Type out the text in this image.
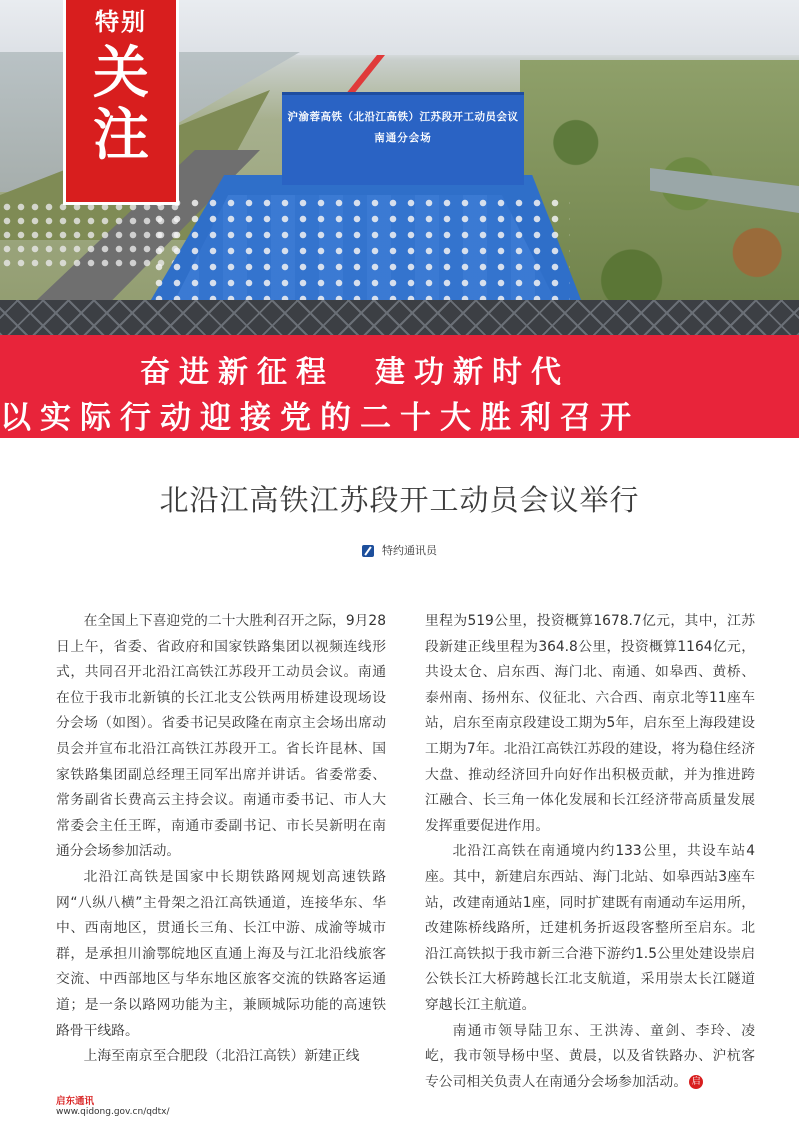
沪渝蓉高铁（北沿江高铁）江苏段开工动员会议
南通分会场
特别
关
注
奋进新征程 建功新时代
以实际行动迎接党的二十大胜利召开
北沿江高铁江苏段开工动员会议举行
特约通讯员

在全国上下喜迎党的二十大胜利召开之际，9月28日上午，省委、省政府和国家铁路集团以视频连线形式，共同召开北沿江高铁江苏段开工动员会议。南通在位于我市北新镇的长江北支公铁两用桥建设现场设分会场（如图）。省委书记吴政隆在南京主会场出席动员会并宣布北沿江高铁江苏段开工。省长许昆林、国家铁路集团副总经理王同军出席并讲话。省委常委、常务副省长费高云主持会议。南通市委书记、市人大常委会主任王晖，南通市委副书记、市长吴新明在南通分会场参加活动。

北沿江高铁是国家中长期铁路网规划高速铁路网“八纵八横”主骨架之沿江高铁通道，连接华东、华中、西南地区，贯通长三角、长江中游、成渝等城市群，是承担川渝鄂皖地区直通上海及与江北沿线旅客交流、中西部地区与华东地区旅客交流的铁路客运通道；是一条以路网功能为主，兼顾城际功能的高速铁路骨干线路。

上海至南京至合肥段（北沿江高铁）新建正线

里程为519公里，投资概算1678.7亿元，其中，江苏段新建正线里程为364.8公里，投资概算1164亿元，共设太仓、启东西、海门北、南通、如皋西、黄桥、泰州南、扬州东、仪征北、六合西、南京北等11座车站，启东至南京段建设工期为5年，启东至上海段建设工期为7年。北沿江高铁江苏段的建设，将为稳住经济大盘、推动经济回升向好作出积极贡献，并为推进跨江融合、长三角一体化发展和长江经济带高质量发展发挥重要促进作用。

北沿江高铁在南通境内约133公里，共设车站4座。其中，新建启东西站、海门北站、如皋西站3座车站，改建南通站1座，同时扩建既有南通动车运用所，改建陈桥线路所，迁建机务折返段客整所至启东。北沿江高铁拟于我市新三合港下游约1.5公里处建设崇启公铁长江大桥跨越长江北支航道，采用崇太长江隧道穿越长江主航道。

南通市领导陆卫东、王洪涛、童剑、李玲、凌屹，我市领导杨中坚、黄晨，以及省铁路办、沪杭客专公司相关负责人在南通分会场参加活动。 启

启东通讯
www.qidong.gov.cn/qdtx/
